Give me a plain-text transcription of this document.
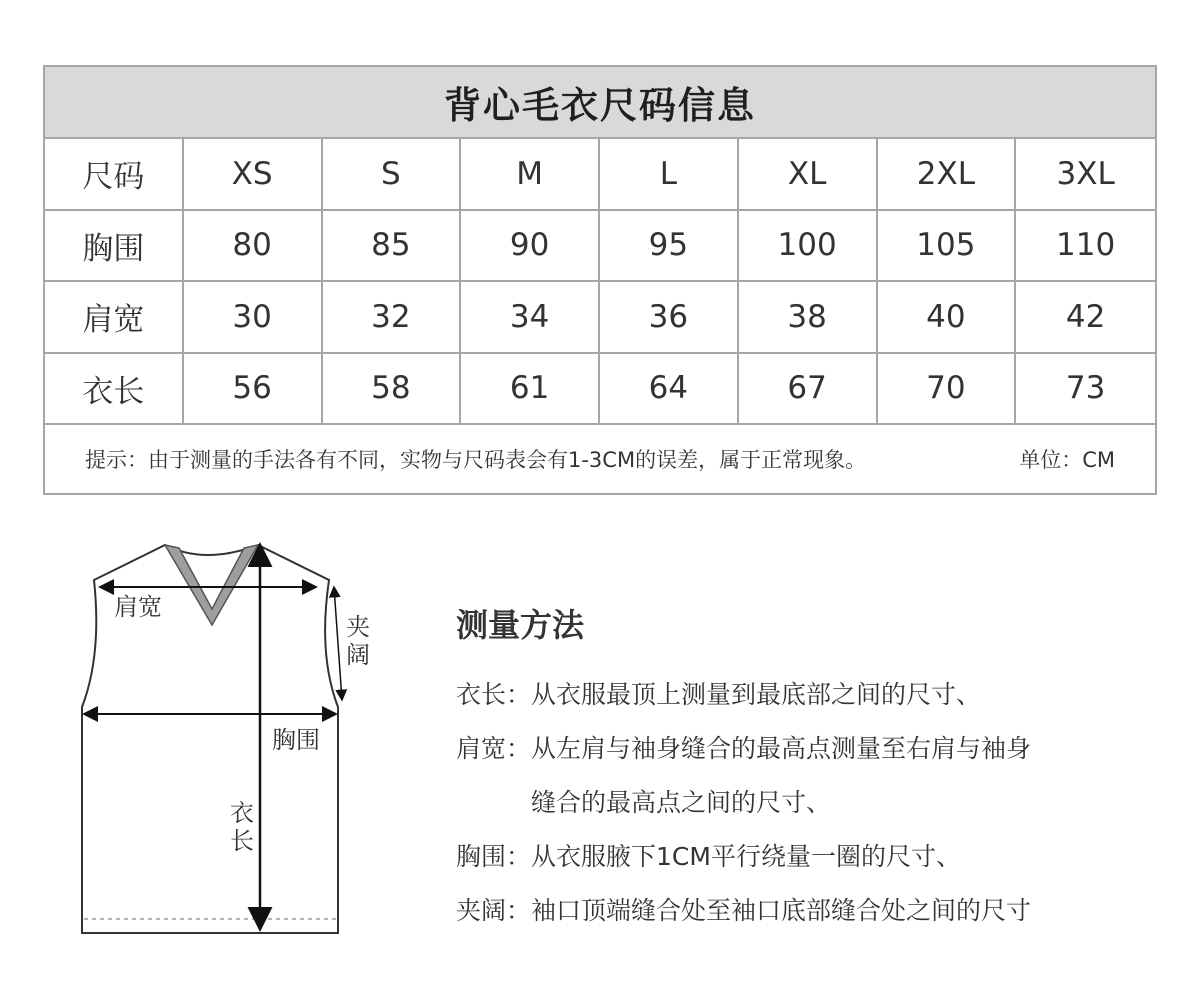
背心毛衣尺码信息
尺码	XS	S	M	L	XL	2XL	3XL
胸围	80	85	90	95	100	105	110
肩宽	30	32	34	36	38	40	42
衣长	56	58	61	64	67	70	73
提示：由于测量的手法各有不同，实物与尺码表会有1-3CM的误差，属于正常现象。	单位：CM
肩宽
夹
阔
胸围
衣
长
测量方法
衣长 ： 从衣服最顶上测量到最底部之间的尺寸、
肩宽 ： 从左肩与袖身缝合的最高点测量至右肩与袖身
缝合的最高点之间的尺寸、
胸围 ： 从衣服腋下1CM平行绕量一圈的尺寸、
夹阔 ： 袖口顶端缝合处至袖口底部缝合处之间的尺寸
